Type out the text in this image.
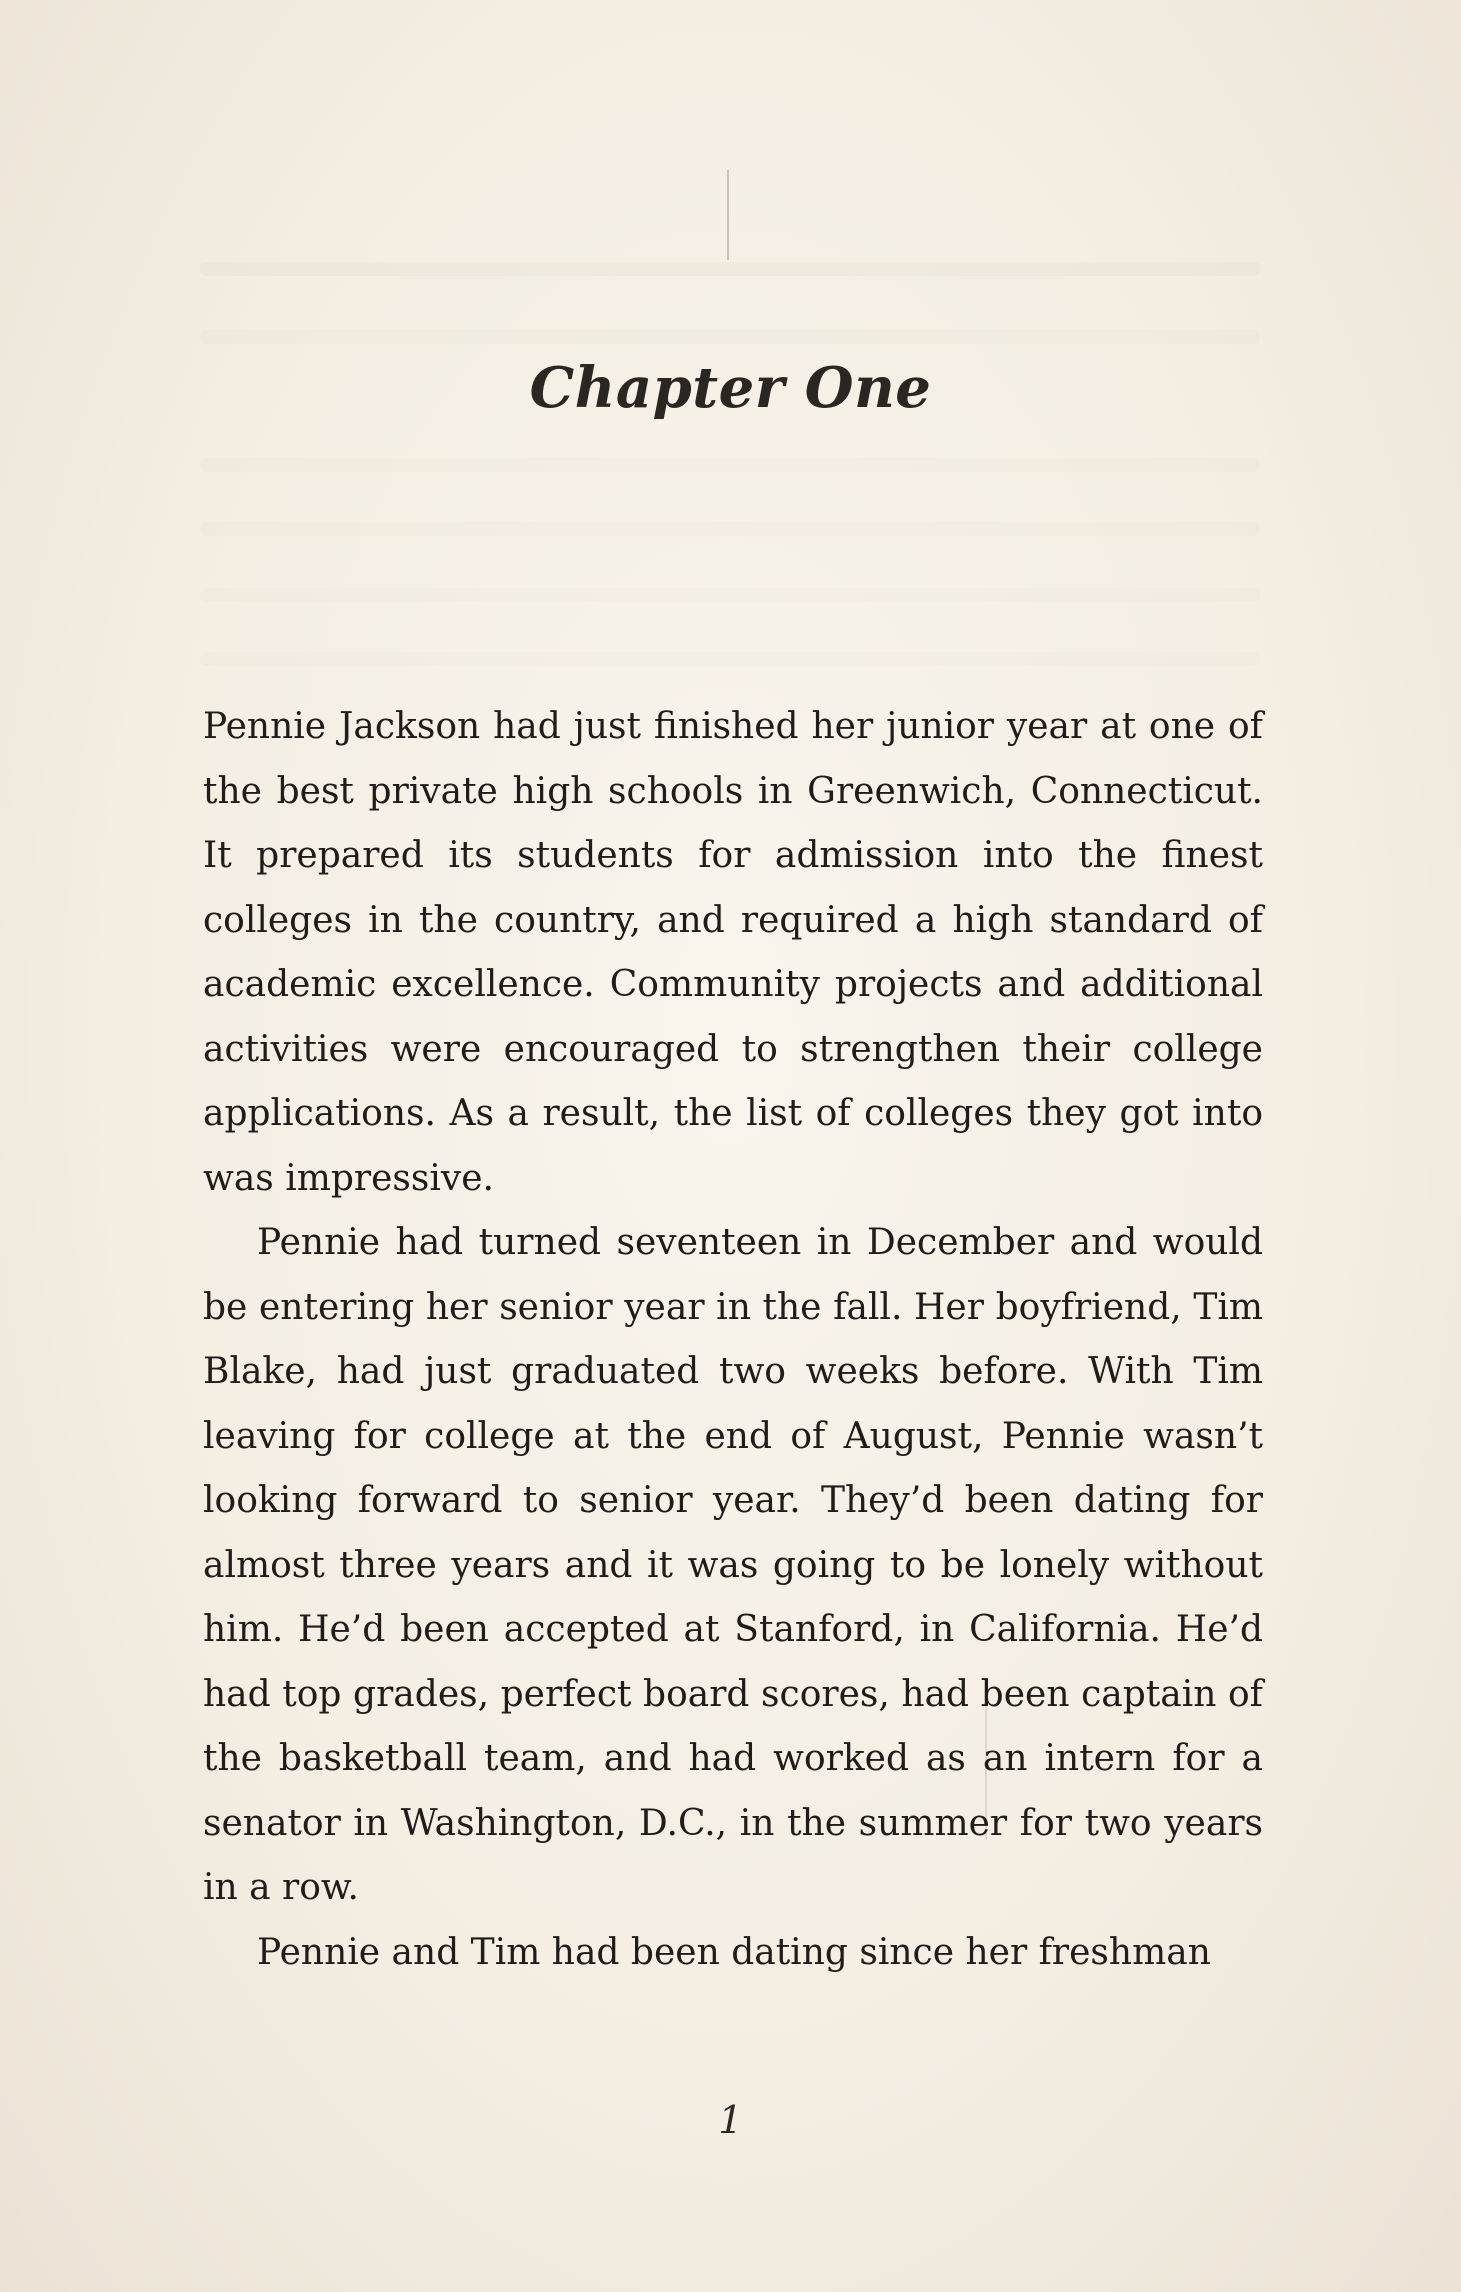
Chapter One

Pennie Jackson had just finished her junior year at one of the best private high schools in Greenwich, Connecticut. It prepared its students for admission into the finest colleges in the country, and required a high standard of academic excellence. Community projects and additional activities were encouraged to strengthen their college applications. As a result, the list of colleges they got into was impressive.

Pennie had turned seventeen in December and would be entering her senior year in the fall. Her boyfriend, Tim Blake, had just graduated two weeks before. With Tim leaving for college at the end of August, Pennie wasn’t looking forward to senior year. They’d been dating for almost three years and it was going to be lonely without him. He’d been accepted at Stanford, in California. He’d had top grades, perfect board scores, had been captain of the basketball team, and had worked as an intern for a senator in Washington, D.C., in the summer for two years in a row.

Pennie and Tim had been dating since her freshman

1
